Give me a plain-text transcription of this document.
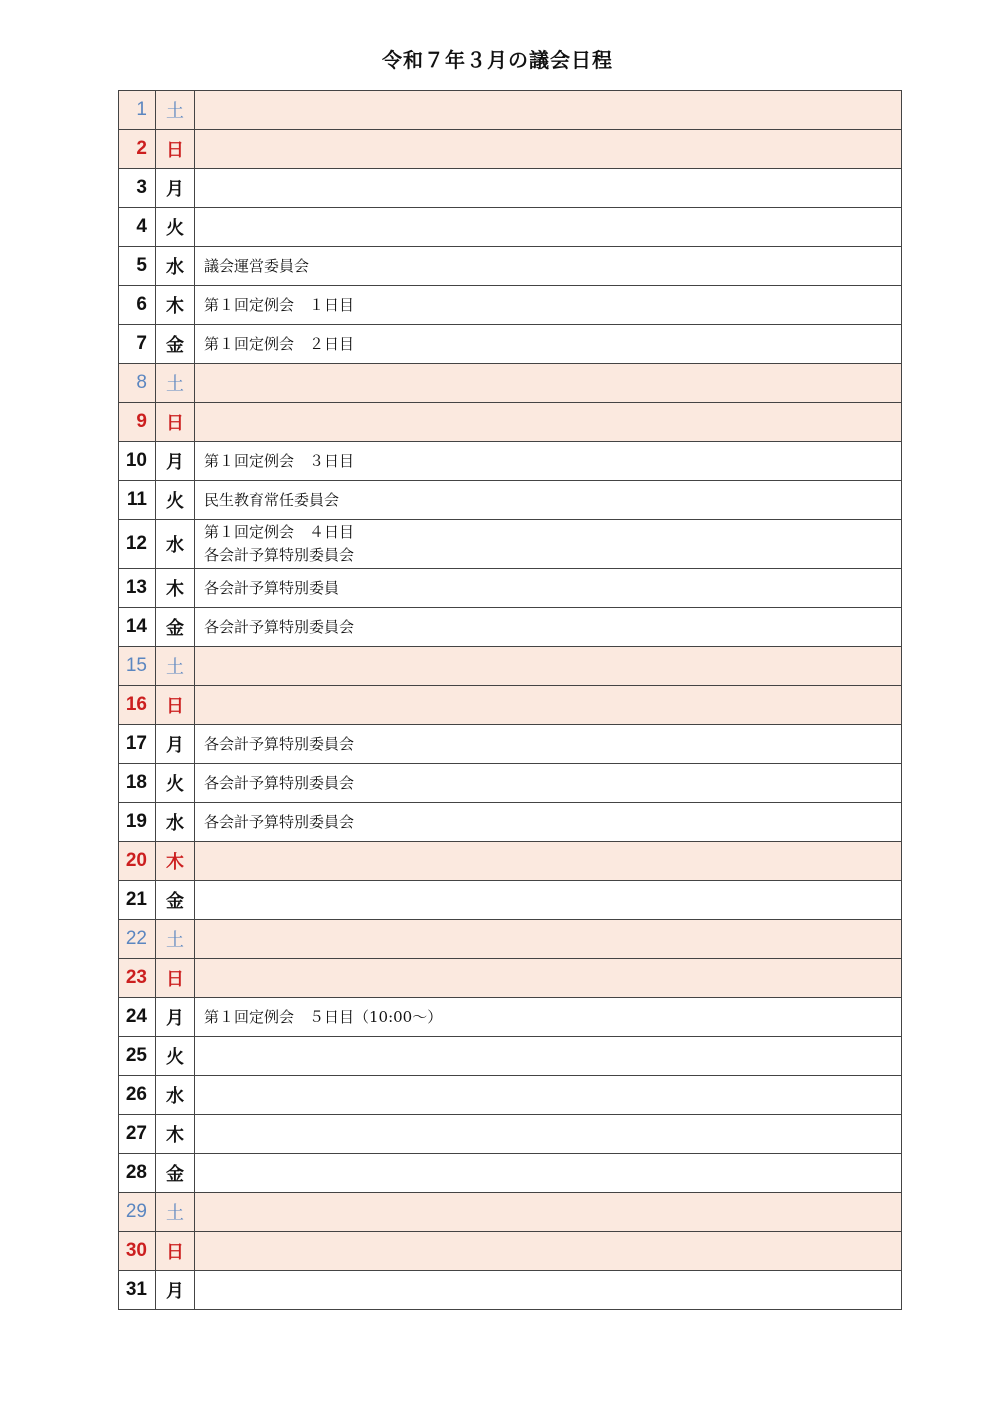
令和７年３月の議会日程
1	土	
2	日	
3	月	
4	火	
5	水	議会運営委員会

6	木	第１回定例会　１日目

7	金	第１回定例会　２日目

8	土	
9	日	
10	月	第１回定例会　３日目

11	火	民生教育常任委員会

12	水	第１回定例会　４日目
各会計予算特別委員会

13	木	各会計予算特別委員

14	金	各会計予算特別委員会

15	土	
16	日	
17	月	各会計予算特別委員会

18	火	各会計予算特別委員会

19	水	各会計予算特別委員会

20	木	
21	金	
22	土	
23	日	
24	月	第１回定例会　５日目（10:00～）

25	火	
26	水	
27	木	
28	金	
29	土	
30	日	
31	月	
